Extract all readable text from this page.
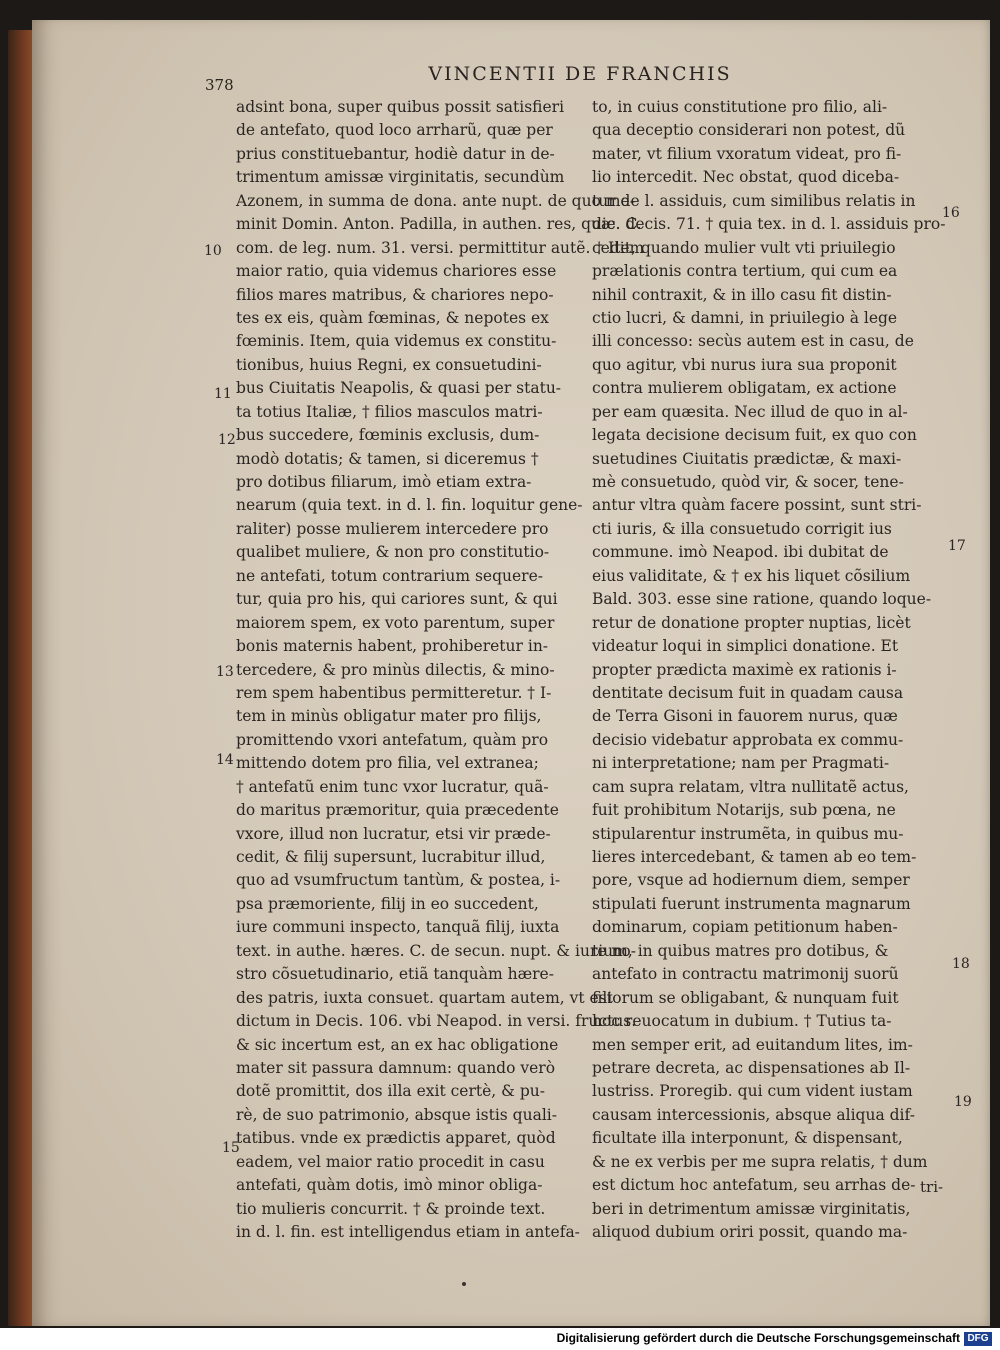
378	VINCENTII DE FRANCHIS
adsint bona, super quibus possit satisfieri
de antefato, quod loco arrharũ, quæ per
prius constituebantur, hodiè datur in de-
trimentum amissæ virginitatis, secundùm
Azonem, in summa de dona. ante nupt. de quo me-
minit Domin. Anton. Padilla, in authen. res, quæ. C.
com. de leg. num. 31. versi. permittitur autẽ. † Item
maior ratio, quia videmus chariores esse
filios mares matribus, & chariores nepo-
tes ex eis, quàm fœminas, & nepotes ex
fœminis. Item, quia videmus ex constitu-
tionibus, huius Regni, ex consuetudini-
bus Ciuitatis Neapolis, & quasi per statu-
ta totius Italiæ, † filios masculos matri-
bus succedere, fœminis exclusis, dum-
modò dotatis; & tamen, si diceremus †
pro dotibus filiarum, imò etiam extra-
nearum (quia text. in d. l. fin. loquitur gene-
raliter) posse mulierem intercedere pro
qualibet muliere, & non pro constitutio-
ne antefati, totum contrarium sequere-
tur, quia pro his, qui cariores sunt, & qui
maiorem spem, ex voto parentum, super
bonis maternis habent, prohiberetur in-
tercedere, & pro minùs dilectis, & mino-
rem spem habentibus permitteretur. † I-
tem in minùs obligatur mater pro filijs,
promittendo vxori antefatum, quàm pro
mittendo dotem pro filia, vel extranea;
† antefatũ enim tunc vxor lucratur, quã-
do maritus præmoritur, quia præcedente
vxore, illud non lucratur, etsi vir præde-
cedit, & filij supersunt, lucrabitur illud,
quo ad vsumfructum tantùm, & postea, i-
psa præmoriente, filij in eo succedent,
iure communi inspecto, tanquã filij, iuxta
text. in authe. hæres. C. de secun. nupt. & iure no-
stro cõsuetudinario, etiã tanquàm hære-
des patris, iuxta consuet. quartam autem, vt est
dictum in Decis. 106. vbi Neapod. in versi. fructus.
& sic incertum est, an ex hac obligatione
mater sit passura damnum: quando verò
dotẽ promittit, dos illa exit certè, & pu-
rè, de suo patrimonio, absque istis quali-
tatibus. vnde ex prædictis apparet, quòd
eadem, vel maior ratio procedit in casu
antefati, quàm dotis, imò minor obliga-
tio mulieris concurrit. † & proinde text.
in d. l. fin. est intelligendus etiam in antefa-
to, in cuius constitutione pro filio, ali-
qua deceptio considerari non potest, dũ
mater, vt filium vxoratum videat, pro fi-
lio intercedit. Nec obstat, quod diceba-
tur de l. assiduis, cum similibus relatis in
dic. decis. 71. † quia tex. in d. l. assiduis pro-
cedit, quando mulier vult vti priuilegio
prælationis contra tertium, qui cum ea
nihil contraxit, & in illo casu fit distin-
ctio lucri, & damni, in priuilegio à lege
illi concesso: secùs autem est in casu, de
quo agitur, vbi nurus iura sua proponit
contra mulierem obligatam, ex actione
per eam quæsita. Nec illud de quo in al-
legata decisione decisum fuit, ex quo con
suetudines Ciuitatis prædictæ, & maxi-
mè consuetudo, quòd vir, & socer, tene-
antur vltra quàm facere possint, sunt stri-
cti iuris, & illa consuetudo corrigit ius
commune. imò Neapod. ibi dubitat de
eius validitate, & † ex his liquet cõsilium
Bald. 303. esse sine ratione, quando loque-
retur de donatione propter nuptias, licèt
videatur loqui in simplici donatione. Et
propter prædicta maximè ex rationis i-
dentitate decisum fuit in quadam causa
de Terra Gisoni in fauorem nurus, quæ
decisio videbatur approbata ex commu-
ni interpretatione; nam per Pragmati-
cam supra relatam, vltra nullitatẽ actus,
fuit prohibitum Notarijs, sub pœna, ne
stipularentur instrumẽta, in quibus mu-
lieres intercedebant, & tamen ab eo tem-
pore, vsque ad hodiernum diem, semper
stipulati fuerunt instrumenta magnarum
dominarum, copiam petitionum haben-
tium, in quibus matres pro dotibus, &
antefato in contractu matrimonij suorũ
filiorum se obligabant, & nunquam fuit
hoc reuocatum in dubium. † Tutius ta-
men semper erit, ad euitandum lites, im-
petrare decreta, ac dispensationes ab Il-
lustriss. Proregib. qui cum vident iustam
causam intercessionis, absque aliqua dif-
ficultate illa interponunt, & dispensant,
& ne ex verbis per me supra relatis, † dum
est dictum hoc antefatum, seu arrhas de-
beri in detrimentum amissæ virginitatis,
aliquod dubium oriri possit, quando ma-
10
11
12
13
14
15
16
17
18
19
tri-
Digitalisierung gefördert durch die Deutsche Forschungsgemeinschaft DFG
